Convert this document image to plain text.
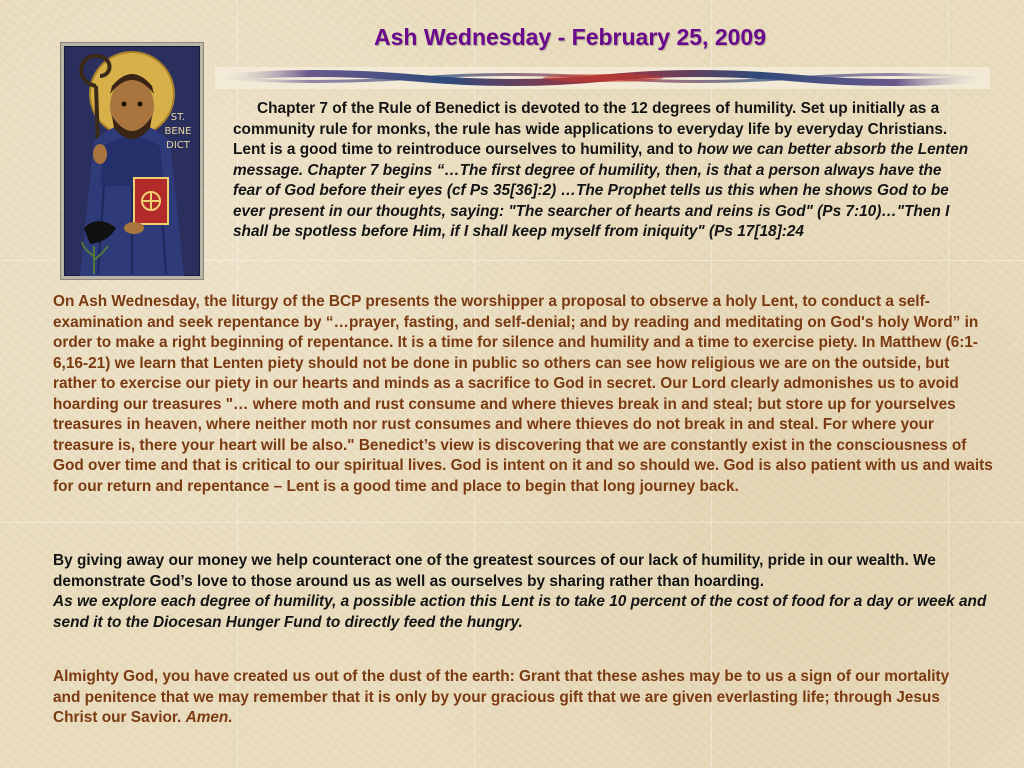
Ash Wednesday - February 25, 2009
ST.
BENE
DICT
Chapter 7 of the Rule of Benedict is devoted to the 12 degrees of humility. Set up initially as a community rule for monks, the rule has wide applications to everyday life by everyday Christians. Lent is a good time to reintroduce ourselves to humility, and to how we can better absorb the Lenten message. Chapter 7 begins “…The first degree of humility, then, is that a person always have the fear of God before their eyes (cf Ps 35[36]:2) …The Prophet tells us this when he shows God to be ever present in our thoughts, saying: "The searcher of hearts and reins is God" (Ps 7:10)…"Then I shall be spotless before Him, if I shall keep myself from iniquity" (Ps 17[18]:24
On Ash Wednesday, the liturgy of the BCP presents the worshipper a proposal to observe a holy Lent, to conduct a self-examination and seek repentance by “…prayer, fasting, and self-denial; and by reading and meditating on God's holy Word” in order to make a right beginning of repentance. It is a time for silence and humility and a time to exercise piety. In Matthew (6:1-6,16-21) we learn that Lenten piety should not be done in public so others can see how religious we are on the outside, but rather to exercise our piety in our hearts and minds as a sacrifice to God in secret. Our Lord clearly admonishes us to avoid hoarding our treasures "… where moth and rust consume and where thieves break in and steal; but store up for yourselves treasures in heaven, where neither moth nor rust consumes and where thieves do not break in and steal. For where your treasure is, there your heart will be also." Benedict’s view is discovering that we are constantly exist in the consciousness of God over time and that is critical to our spiritual lives. God is intent on it and so should we. God is also patient with us and waits for our return and repentance – Lent is a good time and place to begin that long journey back.
By giving away our money we help counteract one of the greatest sources of our lack of humility, pride in our wealth. We demonstrate God’s love to those around us as well as ourselves by sharing rather than hoarding.
As we explore each degree of humility, a possible action this Lent is to take 10 percent of the cost of food for a day or week and send it to the Diocesan Hunger Fund to directly feed the hungry.
Almighty God, you have created us out of the dust of the earth: Grant that these ashes may be to us a sign of our mortality and penitence that we may remember that it is only by your gracious gift that we are given everlasting life; through Jesus Christ our Savior. Amen.
